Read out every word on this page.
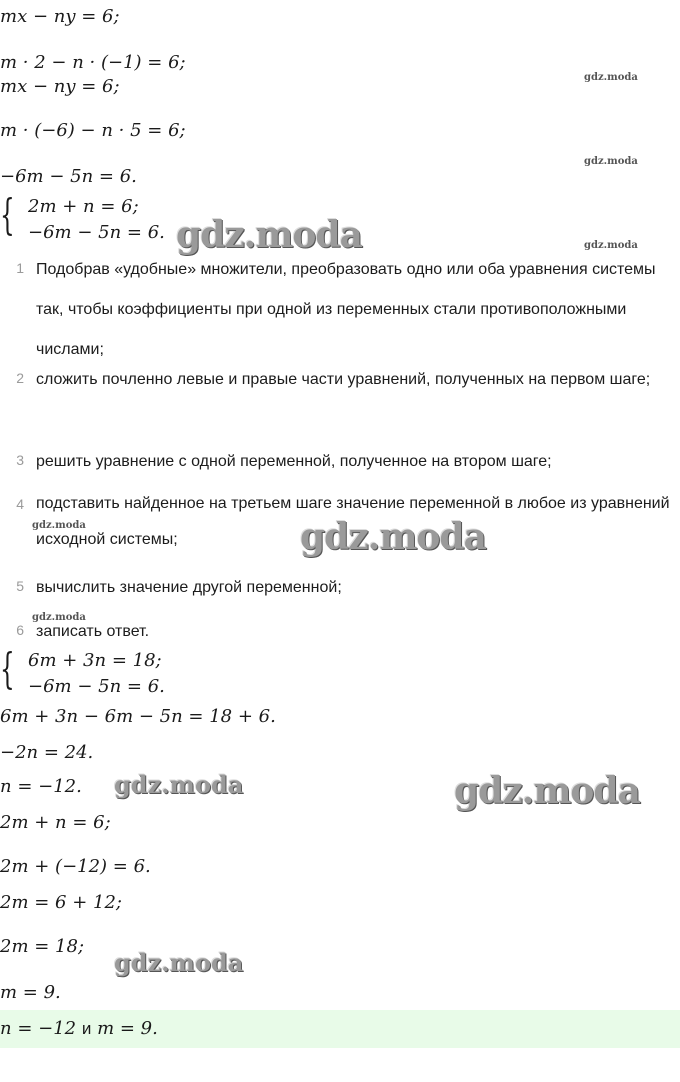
mx − ny = 6;
m · 2 − n · (−1) = 6;
mx − ny = 6;
m · (−6) − n · 5 = 6;
−6m − 5n = 6.
{ 2m + n = 6;
−6m − 5n = 6.
1 Подобрав «удобные» множители, преобразовать одно или оба уравнения системы так, чтобы коэффициенты при одной из переменных стали противоположными числами;
2 сложить почленно левые и правые части уравнений, полученных на первом шаге;
3 решить уравнение с одной переменной, полученное на втором шаге;
4 подставить найденное на третьем шаге значение переменной в любое из уравнений исходной системы;
5 вычислить значение другой переменной;
6 записать ответ.
{ 6m + 3n = 18;
−6m − 5n = 6.
6m + 3n − 6m − 5n = 18 + 6.
−2n = 24.
n = −12.
2m + n = 6;
2m + (−12) = 6.
2m = 6 + 12;
2m = 18;
m = 9.
n = −12 и m = 9.
gdz.moda
gdz.moda
gdz.moda
gdz.moda
gdz.moda	gdz.moda
gdz.moda
gdz.moda	gdz.moda
gdz.moda
